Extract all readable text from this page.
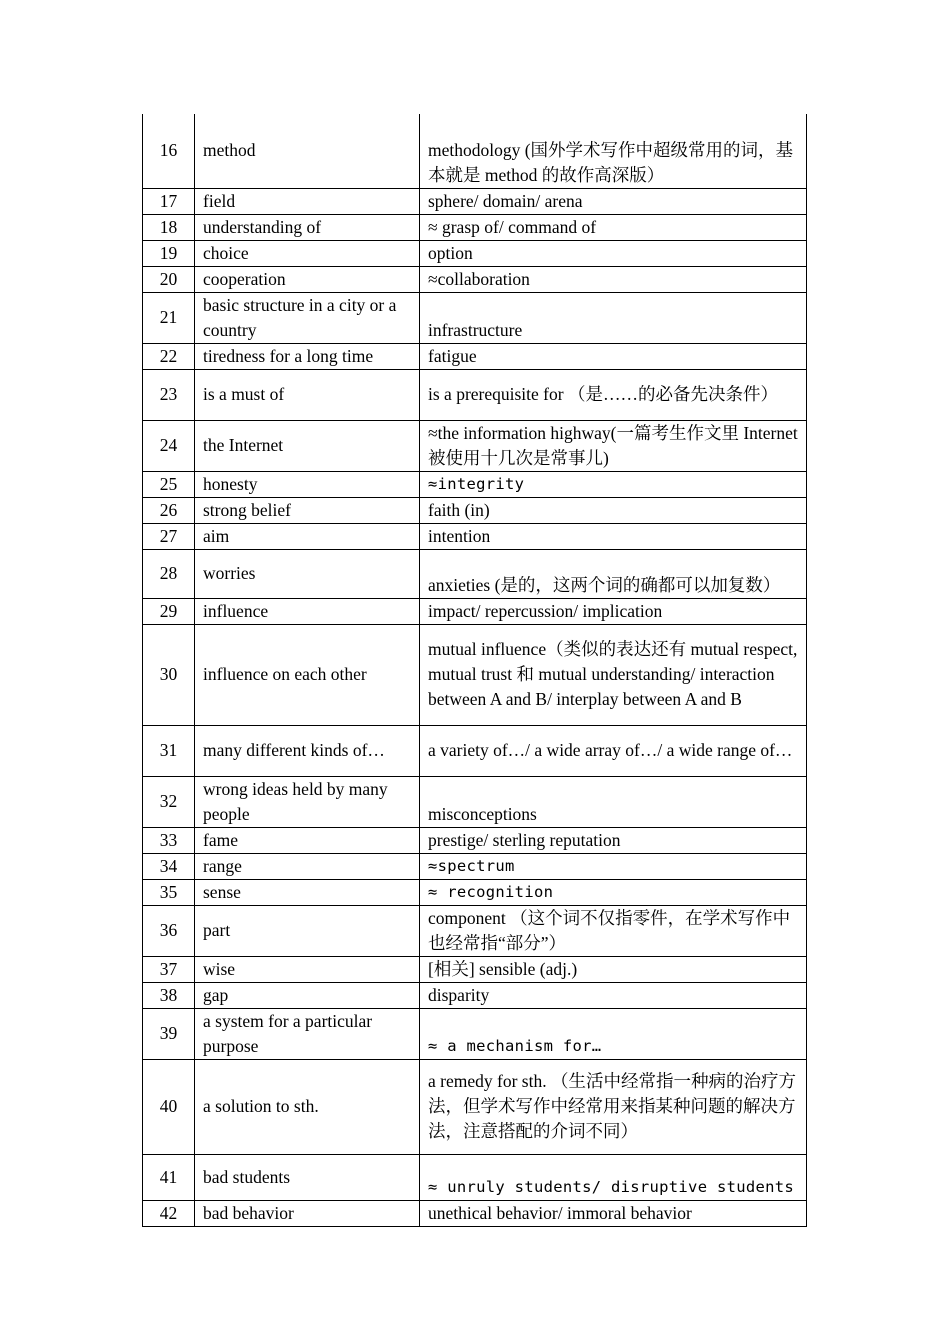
16	method	methodology (国外学术写作中超级常用的词，基本就是 method 的故作高深版）
17	field	sphere/ domain/ arena
18	understanding of	≈ grasp of/ command of
19	choice	option
20	cooperation	≈collaboration
21	basic structure in a city or a country	infrastructure
22	tiredness for a long time	fatigue
23	is a must of	is a prerequisite for （是……的必备先决条件）
24	the Internet	≈the information highway(一篇考生作文里 Internet 被使用十几次是常事儿)
25	honesty	≈integrity
26	strong belief	faith (in)
27	aim	intention
28	worries	anxieties (是的，这两个词的确都可以加复数）
29	influence	impact/ repercussion/ implication
30	influence on each other	mutual influence（类似的表达还有 mutual respect, mutual trust 和 mutual understanding/ interaction between A and B/ interplay between A and B
31	many different kinds of…	a variety of…/ a wide array of…/ a wide range of…
32	wrong ideas held by many people	misconceptions
33	fame	prestige/ sterling reputation
34	range	≈spectrum
35	sense	≈ recognition
36	part	component （这个词不仅指零件，在学术写作中也经常指“部分”）
37	wise	[相关] sensible (adj.)
38	gap	disparity
39	a system for a particular purpose	≈ a mechanism for…
40	a solution to sth.	a remedy for sth. （生活中经常指一种病的治疗方法，但学术写作中经常用来指某种问题的解决方法，注意搭配的介词不同）
41	bad students	≈ unruly students/ disruptive students
42	bad behavior	unethical behavior/ immoral behavior
